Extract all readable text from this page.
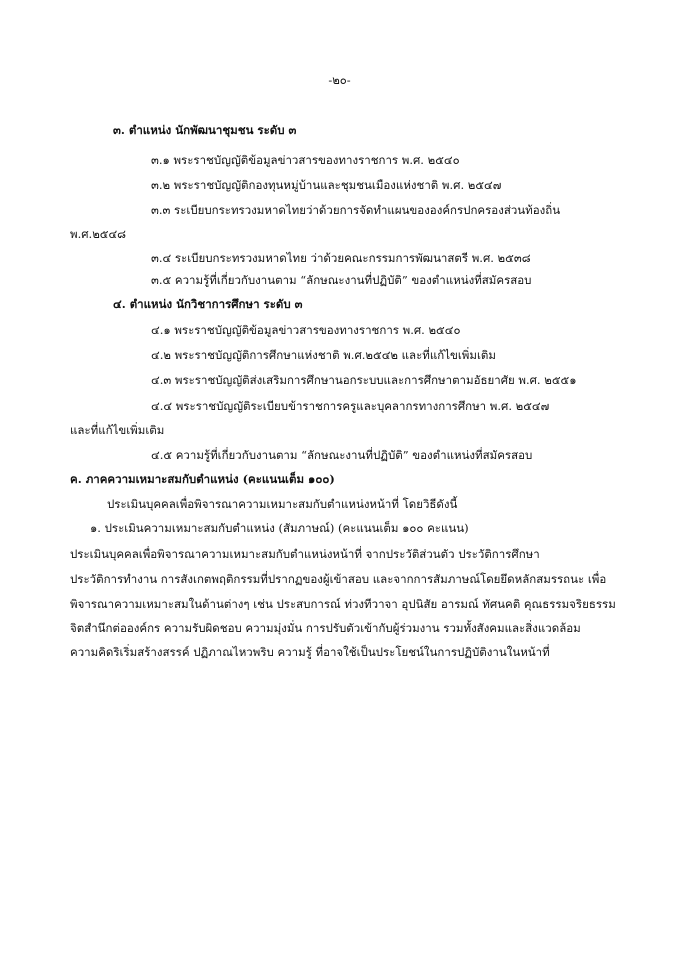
-๒๐-
๓. ตำแหน่ง นักพัฒนาชุมชน ระดับ ๓
๓.๑ พระราชบัญญัติข้อมูลข่าวสารของทางราชการ พ.ศ. ๒๕๔๐
๓.๒ พระราชบัญญัติกองทุนหมู่บ้านและชุมชนเมืองแห่งชาติ พ.ศ. ๒๕๔๗
๓.๓ ระเบียบกระทรวงมหาดไทยว่าด้วยการจัดทำแผนขององค์กรปกครองส่วนท้องถิ่น
พ.ศ.๒๕๔๘
๓.๔ ระเบียบกระทรวงมหาดไทย ว่าด้วยคณะกรรมการพัฒนาสตรี พ.ศ. ๒๕๓๘
๓.๕ ความรู้ที่เกี่ยวกับงานตาม “ลักษณะงานที่ปฏิบัติ” ของตำแหน่งที่สมัครสอบ
๔. ตำแหน่ง นักวิชาการศึกษา ระดับ ๓
๔.๑ พระราชบัญญัติข้อมูลข่าวสารของทางราชการ พ.ศ. ๒๕๔๐
๔.๒ พระราชบัญญัติการศึกษาแห่งชาติ พ.ศ.๒๕๔๒ และที่แก้ไขเพิ่มเติม
๔.๓ พระราชบัญญัติส่งเสริมการศึกษานอกระบบและการศึกษาตามอัธยาศัย พ.ศ. ๒๕๕๑
๔.๔ พระราชบัญญัติระเบียบข้าราชการครูและบุคลากรทางการศึกษา พ.ศ. ๒๕๔๗
และที่แก้ไขเพิ่มเติม
๔.๕ ความรู้ที่เกี่ยวกับงานตาม “ลักษณะงานที่ปฏิบัติ” ของตำแหน่งที่สมัครสอบ
ค. ภาคความเหมาะสมกับตำแหน่ง (คะแนนเต็ม ๑๐๐)
ประเมินบุคคลเพื่อพิจารณาความเหมาะสมกับตำแหน่งหน้าที่ โดยวิธีดังนี้
๑. ประเมินความเหมาะสมกับตำแหน่ง (สัมภาษณ์) (คะแนนเต็ม ๑๐๐ คะแนน)
ประเมินบุคคลเพื่อพิจารณาความเหมาะสมกับตำแหน่งหน้าที่ จากประวัติส่วนตัว ประวัติการศึกษา
ประวัติการทำงาน การสังเกตพฤติกรรมที่ปรากฏของผู้เข้าสอบ และจากการสัมภาษณ์โดยยึดหลักสมรรถนะ เพื่อ
พิจารณาความเหมาะสมในด้านต่างๆ เช่น ประสบการณ์ ท่วงทีวาจา อุปนิสัย อารมณ์ ทัศนคติ คุณธรรมจริยธรรม
จิตสำนึกต่อองค์กร ความรับผิดชอบ ความมุ่งมั่น การปรับตัวเข้ากับผู้ร่วมงาน รวมทั้งสังคมและสิ่งแวดล้อม
ความคิดริเริ่มสร้างสรรค์ ปฏิภาณไหวพริบ ความรู้ ที่อาจใช้เป็นประโยชน์ในการปฏิบัติงานในหน้าที่
